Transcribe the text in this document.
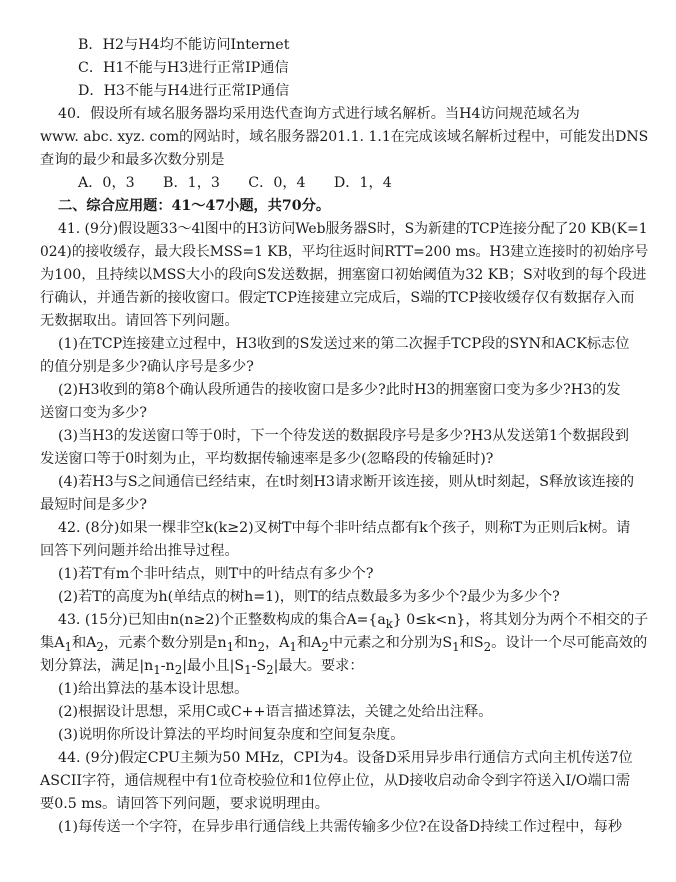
B．H2与H4均不能访问Internet
C．H1不能与H3进行正常IP通信
D．H3不能与H4进行正常IP通信
40．假设所有域名服务器均采用迭代查询方式进行域名解析。当H4访问规范域名为
www. abc. xyz. com的网站时，域名服务器201.1. 1.1在完成该域名解析过程中，可能发出DNS
查询的最少和最多次数分别是
A．0，3　　B．1，3　　C．0，4　　D．1，4
二、综合应用题：41～47小题，共70分。
41. (9分)假设题33～4l图中的H3访问Web服务器S时，S为新建的TCP连接分配了20 KB(K=1
024)的接收缓存，最大段长MSS=1 KB，平均往返时间RTT=200 ms。H3建立连接时的初始序号
为100，且持续以MSS大小的段向S发送数据，拥塞窗口初始阈值为32 KB；S对收到的每个段进
行确认，并通告新的接收窗口。假定TCP连接建立完成后，S端的TCP接收缓存仅有数据存入而
无数据取出。请回答下列问题。
(1)在TCP连接建立过程中，H3收到的S发送过来的第二次握手TCP段的SYN和ACK标志位
的值分别是多少?确认序号是多少?
(2)H3收到的第8个确认段所通告的接收窗口是多少?此时H3的拥塞窗口变为多少?H3的发
送窗口变为多少?
(3)当H3的发送窗口等于0时，下一个待发送的数据段序号是多少?H3从发送第1个数据段到
发送窗口等于0时刻为止，平均数据传输速率是多少(忽略段的传输延时)?
(4)若H3与S之间通信已经结束，在t时刻H3请求断开该连接，则从t时刻起，S释放该连接的
最短时间是多少?
42. (8分)如果一棵非空k(k≥2)叉树T中每个非叶结点都有k个孩子，则称T为正则后k树。请
回答下列问题并给出推导过程。
(1)若T有m个非叶结点，则T中的叶结点有多少个?
(2)若T的高度为h(单结点的树h=1)，则T的结点数最多为多少个?最少为多少个?
43. (15分)已知由n(n≥2)个正整数构成的集合$A=\{a_k\}$ 0≤k<n}，将其划分为两个不相交的子
集$A_1$和$A_2$，元素个数分别是$n_1$和$n_2$，$A_1$和$A_2$中元素之和分别为$S_1$和$S_2$。设计一个尽可能高效的
划分算法，满足$|n_1-n_2|$最小且$|S_1-S_2|$最大。要求：
(1)给出算法的基本设计思想。
(2)根据设计思想，采用C或C++语言描述算法，关键之处给出注释。
(3)说明你所设计算法的平均时间复杂度和空间复杂度。
44. (9分)假定CPU主频为50 MHz，CPI为4。设备D采用异步串行通信方式向主机传送7位
ASCII字符，通信规程中有1位奇校验位和1位停止位，从D接收启动命令到字符送入I/O端口需
要0.5 ms。请回答下列问题，要求说明理由。
(1)每传送一个字符，在异步串行通信线上共需传输多少位?在设备D持续工作过程中，每秒
